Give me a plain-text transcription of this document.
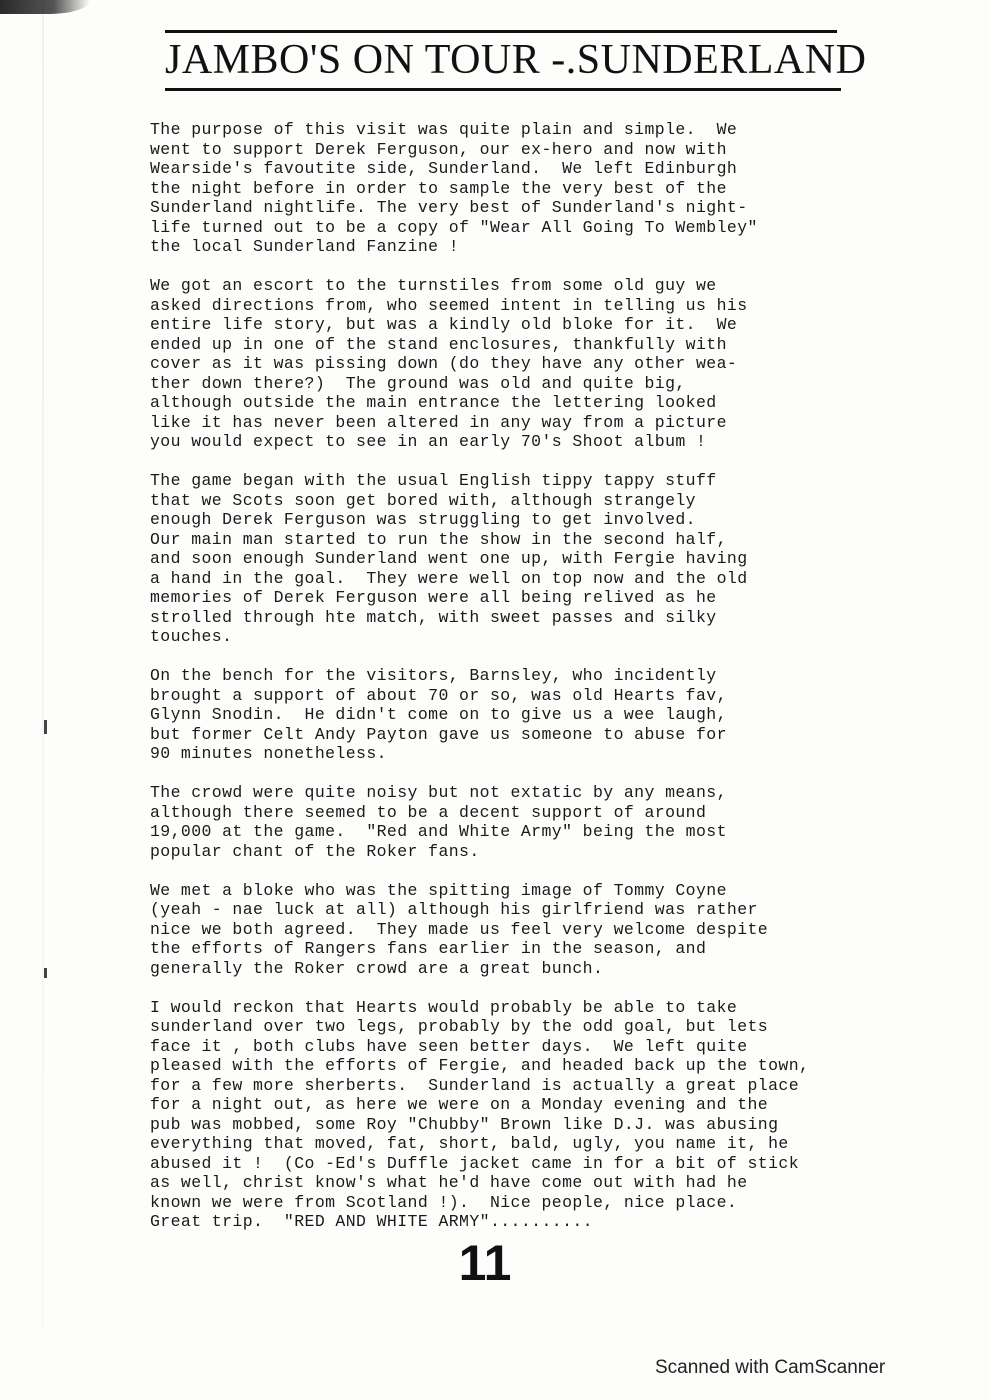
JAMBO'S ON TOUR -.SUNDERLAND
The purpose of this visit was quite plain and simple.  We
went to support Derek Ferguson, our ex-hero and now with
Wearside's favoutite side, Sunderland.  We left Edinburgh
the night before in order to sample the very best of the
Sunderland nightlife. The very best of Sunderland's night-
life turned out to be a copy of "Wear All Going To Wembley"
the local Sunderland Fanzine !
We got an escort to the turnstiles from some old guy we
asked directions from, who seemed intent in telling us his
entire life story, but was a kindly old bloke for it.  We
ended up in one of the stand enclosures, thankfully with
cover as it was pissing down (do they have any other wea-
ther down there?)  The ground was old and quite big,
although outside the main entrance the lettering looked
like it has never been altered in any way from a picture
you would expect to see in an early 70's Shoot album !
The game began with the usual English tippy tappy stuff
that we Scots soon get bored with, although strangely
enough Derek Ferguson was struggling to get involved.
Our main man started to run the show in the second half,
and soon enough Sunderland went one up, with Fergie having
a hand in the goal.  They were well on top now and the old
memories of Derek Ferguson were all being relived as he
strolled through hte match, with sweet passes and silky
touches.
On the bench for the visitors, Barnsley, who incidently
brought a support of about 70 or so, was old Hearts fav,
Glynn Snodin.  He didn't come on to give us a wee laugh,
but former Celt Andy Payton gave us someone to abuse for
90 minutes nonetheless.
The crowd were quite noisy but not extatic by any means,
although there seemed to be a decent support of around
19,000 at the game.  "Red and White Army" being the most
popular chant of the Roker fans.
We met a bloke who was the spitting image of Tommy Coyne
(yeah - nae luck at all) although his girlfriend was rather
nice we both agreed.  They made us feel very welcome despite
the efforts of Rangers fans earlier in the season, and
generally the Roker crowd are a great bunch.
I would reckon that Hearts would probably be able to take
sunderland over two legs, probably by the odd goal, but lets
face it , both clubs have seen better days.  We left quite
pleased with the efforts of Fergie, and headed back up the town,
for a few more sherberts.  Sunderland is actually a great place
for a night out, as here we were on a Monday evening and the
pub was mobbed, some Roy "Chubby" Brown like D.J. was abusing
everything that moved, fat, short, bald, ugly, you name it, he
abused it !  (Co -Ed's Duffle jacket came in for a bit of stick
as well, christ know's what he'd have come out with had he
known we were from Scotland !).  Nice people, nice place.
Great trip.  "RED AND WHITE ARMY"..........
11
Scanned with CamScanner
